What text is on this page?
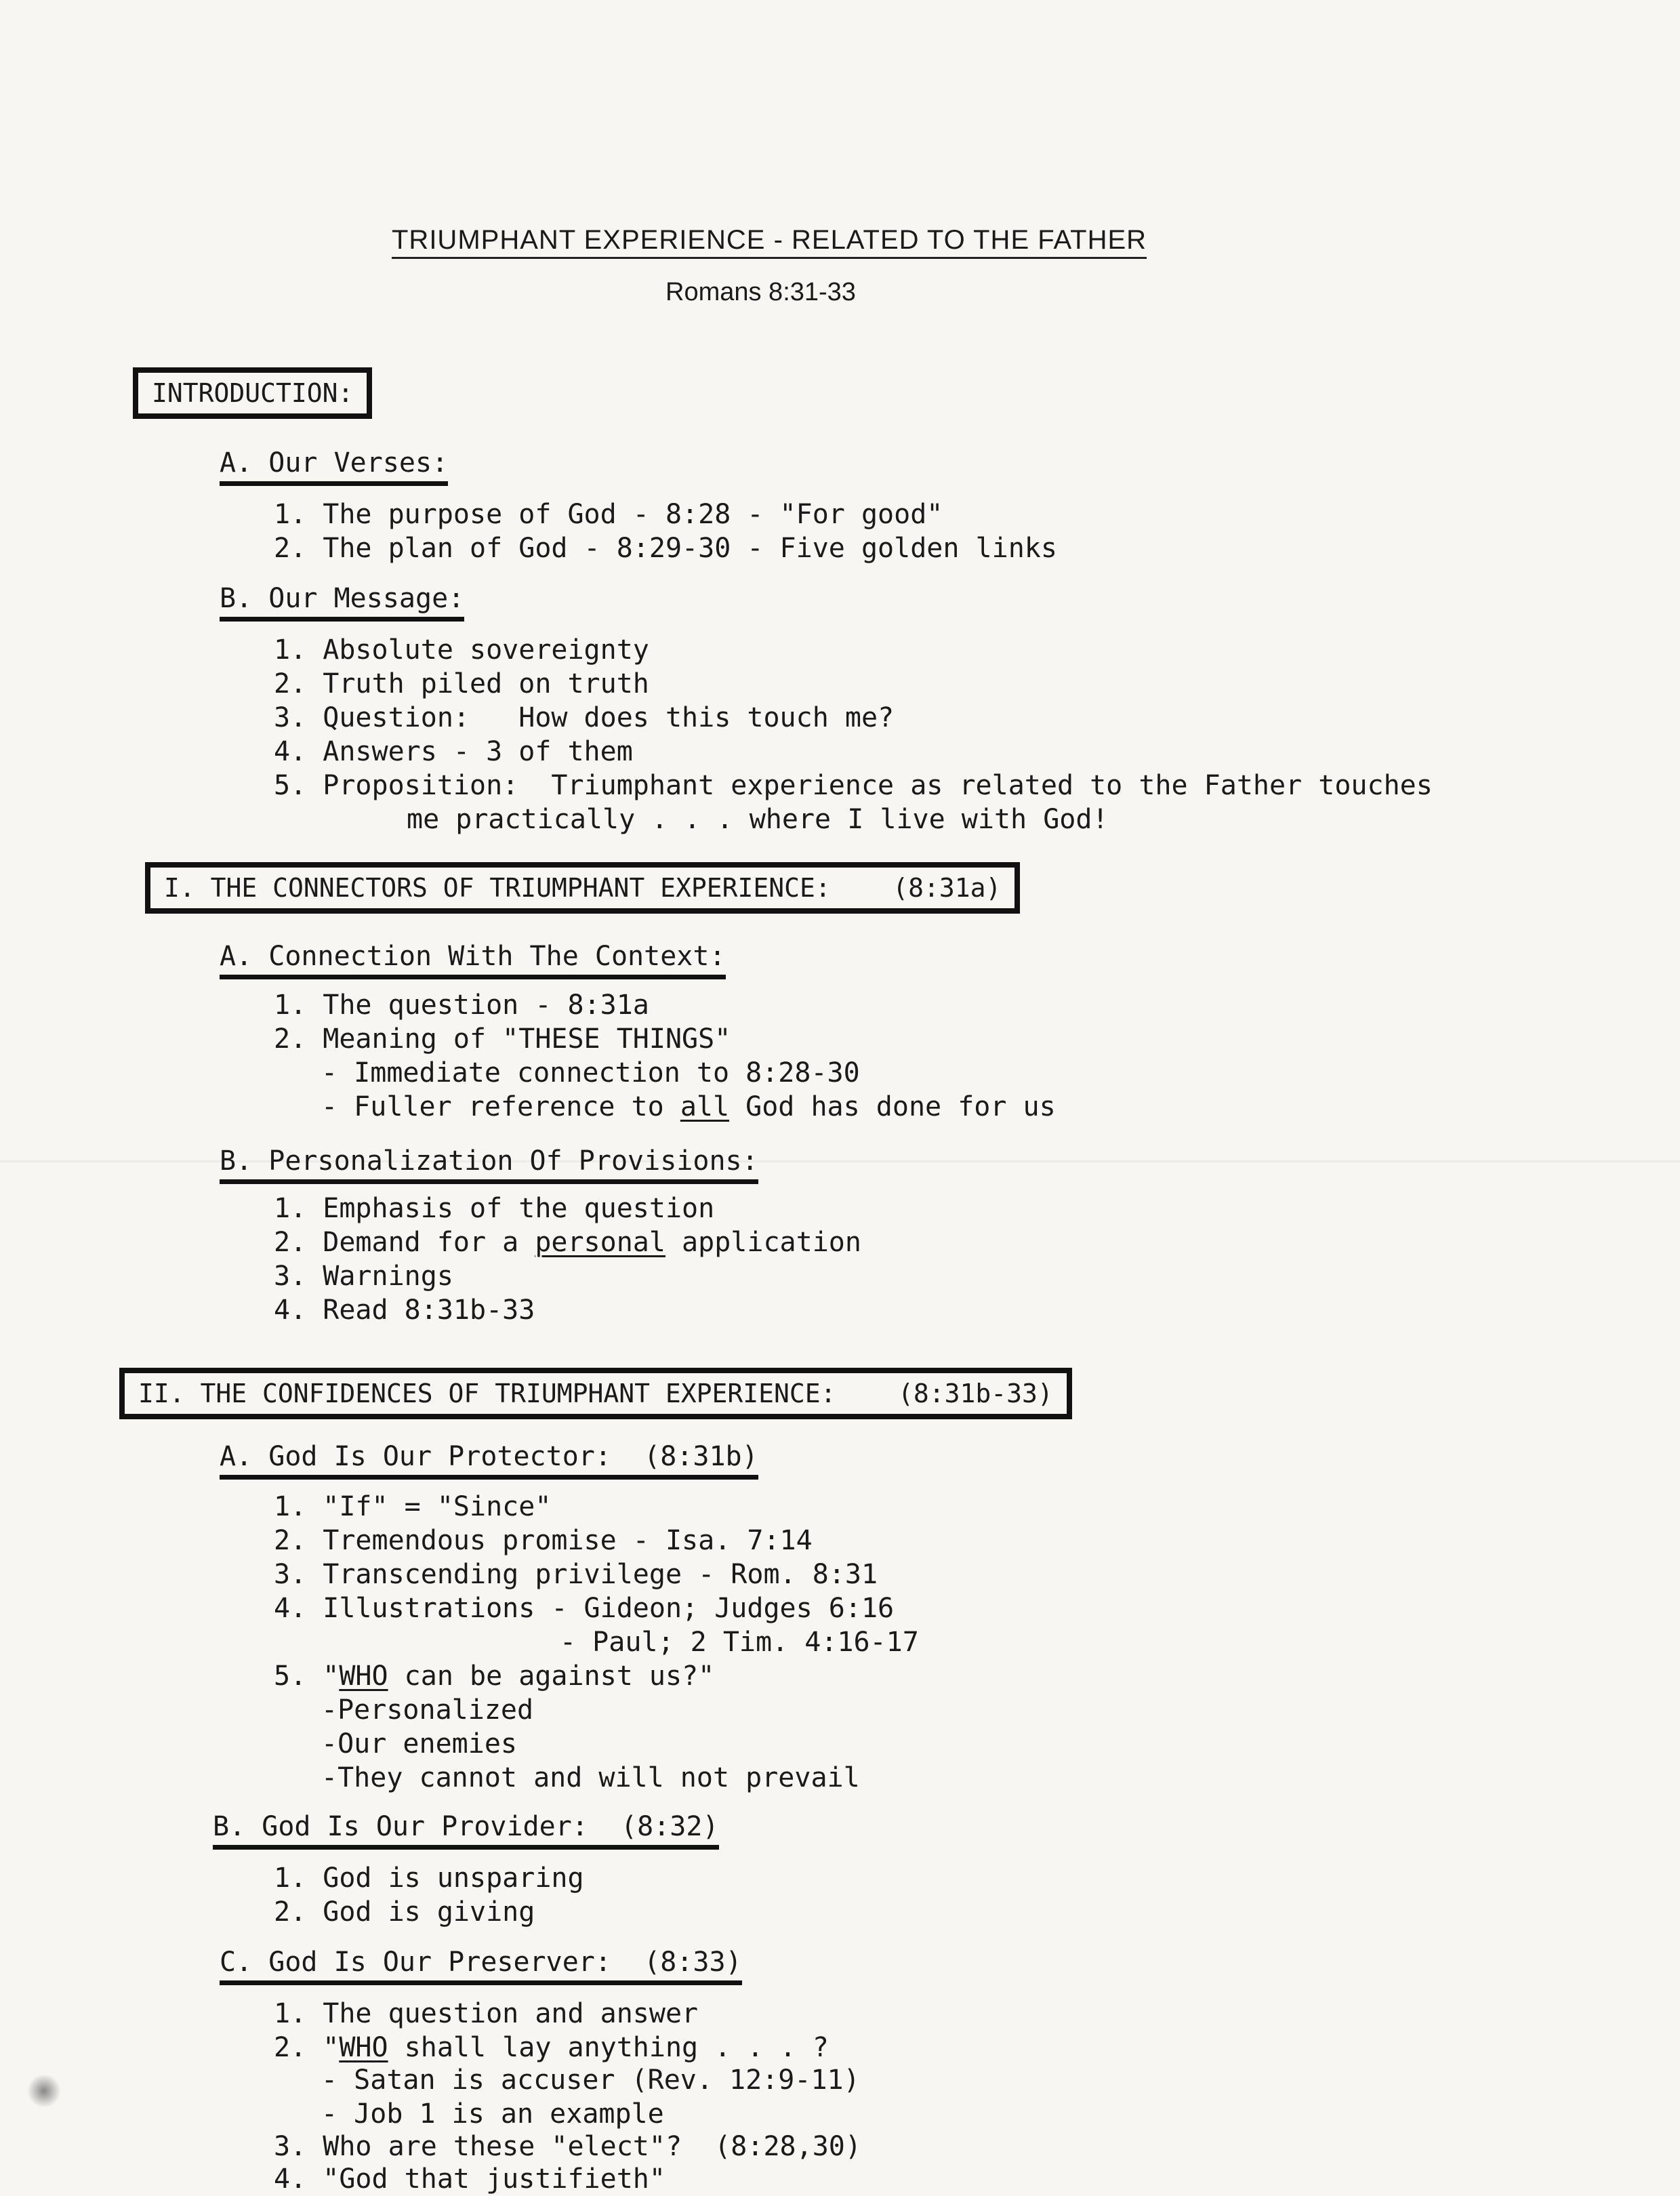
TRIUMPHANT EXPERIENCE - RELATED TO THE FATHER
Romans 8:31-33
INTRODUCTION:
A. Our Verses:
1. The purpose of God - 8:28 - "For good"
2. The plan of God - 8:29-30 - Five golden links
B. Our Message:
1. Absolute sovereignty
2. Truth piled on truth
3. Question:   How does this touch me?
4. Answers - 3 of them
5. Proposition:  Triumphant experience as related to the Father touches
me practically . . . where I live with God!
I. THE CONNECTORS OF TRIUMPHANT EXPERIENCE:    (8:31a)
A. Connection With The Context:
1. The question - 8:31a
2. Meaning of "THESE THINGS"
- Immediate connection to 8:28-30
- Fuller reference to all God has done for us
B. Personalization Of Provisions:
1. Emphasis of the question
2. Demand for a personal application
3. Warnings
4. Read 8:31b-33
II. THE CONFIDENCES OF TRIUMPHANT EXPERIENCE:    (8:31b-33)
A. God Is Our Protector:  (8:31b)
1. "If" = "Since"
2. Tremendous promise - Isa. 7:14
3. Transcending privilege - Rom. 8:31
4. Illustrations - Gideon; Judges 6:16
- Paul; 2 Tim. 4:16-17
5. "WHO can be against us?"
-Personalized
-Our enemies
-They cannot and will not prevail
B. God Is Our Provider:  (8:32)
1. God is unsparing
2. God is giving
C. God Is Our Preserver:  (8:33)
1. The question and answer
2. "WHO shall lay anything . . . ?
- Satan is accuser (Rev. 12:9-11)
- Job 1 is an example
3. Who are these "elect"?  (8:28,30)
4. "God that justifieth"
